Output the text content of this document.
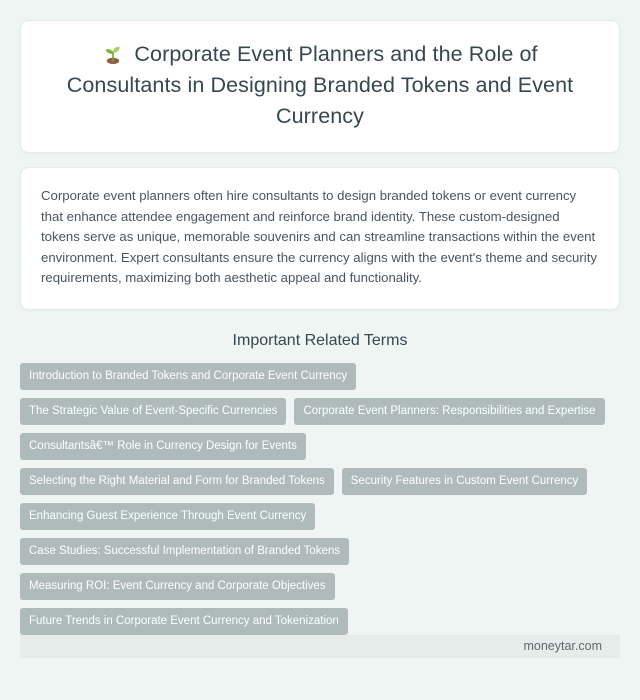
Corporate Event Planners and the Role of Consultants in Designing Branded Tokens and Event Currency

Corporate event planners often hire consultants to design branded tokens or event currency that enhance attendee engagement and reinforce brand identity. These custom-designed tokens serve as unique, memorable souvenirs and can streamline transactions within the event environment. Expert consultants ensure the currency aligns with the event's theme and security requirements, maximizing both aesthetic appeal and functionality.

Important Related Terms
Introduction to Branded Tokens and Corporate Event Currency
The Strategic Value of Event-Specific Currencies	Corporate Event Planners: Responsibilities and Expertise
Consultantsâ€™ Role in Currency Design for Events
Selecting the Right Material and Form for Branded Tokens	Security Features in Custom Event Currency
Enhancing Guest Experience Through Event Currency
Case Studies: Successful Implementation of Branded Tokens
Measuring ROI: Event Currency and Corporate Objectives
Future Trends in Corporate Event Currency and Tokenization
moneytar.com
